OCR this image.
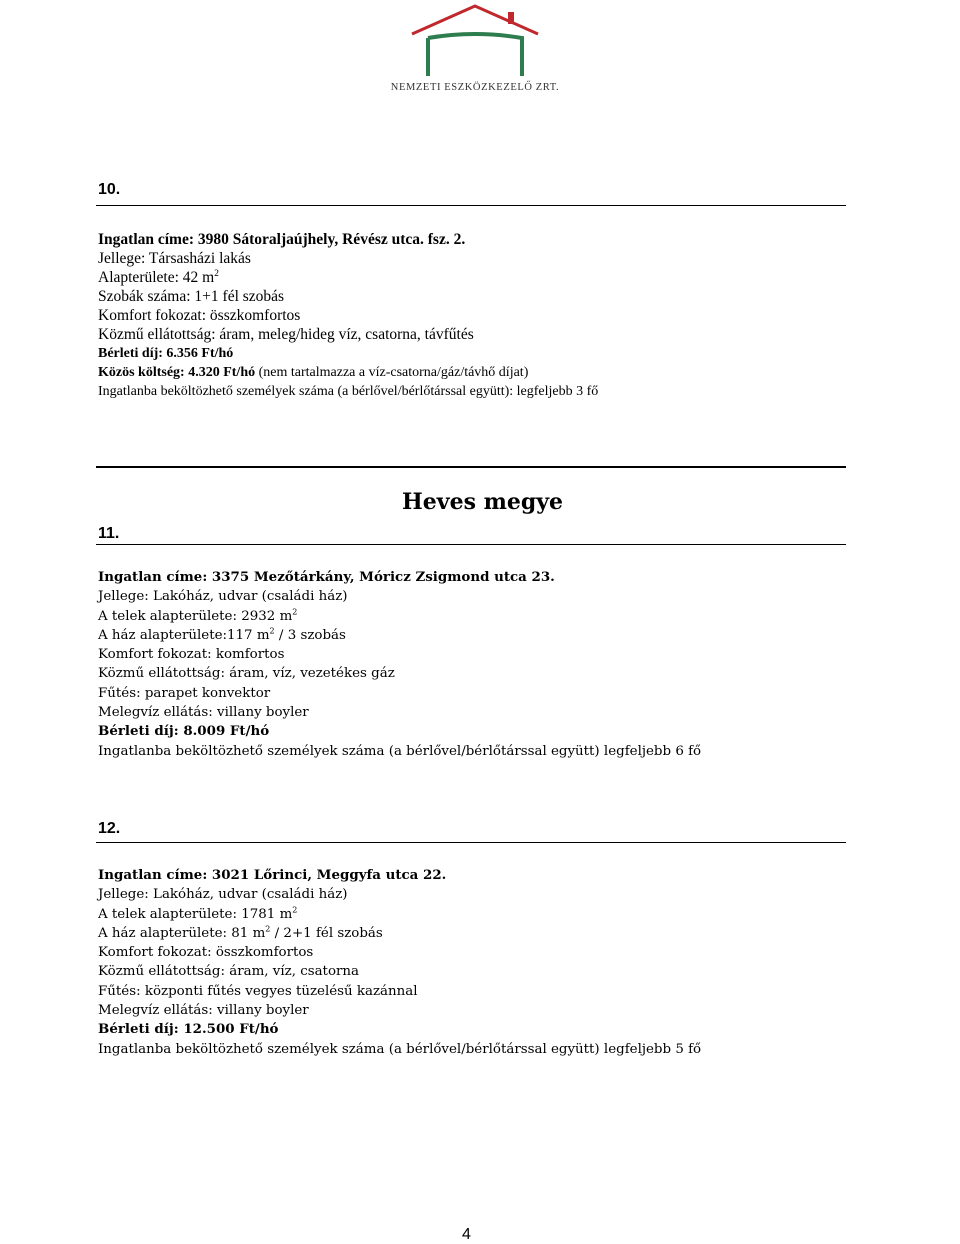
NEMZETI ESZKÖZKEZELŐ ZRT.
10.
Ingatlan címe: 3980 Sátoraljaújhely, Révész utca. fsz. 2.
Jellege: Társasházi lakás
Alapterülete: 42 $m^2$
Szobák száma: 1+1 fél szobás
Komfort fokozat: összkomfortos
Közmű ellátottság: áram, meleg/hideg víz, csatorna, távfűtés
Bérleti díj: 6.356 Ft/hó
Közös költség: 4.320 Ft/hó (nem tartalmazza a víz-csatorna/gáz/távhő díjat)
Ingatlanba beköltözhető személyek száma (a bérlővel/bérlőtárssal együtt): legfeljebb 3 fő
Heves megye
11.
Ingatlan címe: 3375 Mezőtárkány, Móricz Zsigmond utca 23.
Jellege: Lakóház, udvar (családi ház)
A telek alapterülete: 2932 $m^2$
A ház alapterülete:117 $m^2 / 3$ szobás
Komfort fokozat: komfortos
Közmű ellátottság: áram, víz, vezetékes gáz
Fűtés: parapet konvektor
Melegvíz ellátás: villany boyler
Bérleti díj: 8.009 Ft/hó
Ingatlanba beköltözhető személyek száma (a bérlővel/bérlőtárssal együtt) legfeljebb 6 fő
12.
Ingatlan címe: 3021 Lőrinci, Meggyfa utca 22.
Jellege: Lakóház, udvar (családi ház)
A telek alapterülete: 1781 $m^2$
A ház alapterülete: 81 $m^2 / 2+1$ fél szobás
Komfort fokozat: összkomfortos
Közmű ellátottság: áram, víz, csatorna
Fűtés: központi fűtés vegyes tüzelésű kazánnal
Melegvíz ellátás: villany boyler
Bérleti díj: 12.500 Ft/hó
Ingatlanba beköltözhető személyek száma (a bérlővel/bérlőtárssal együtt) legfeljebb 5 fő
4
